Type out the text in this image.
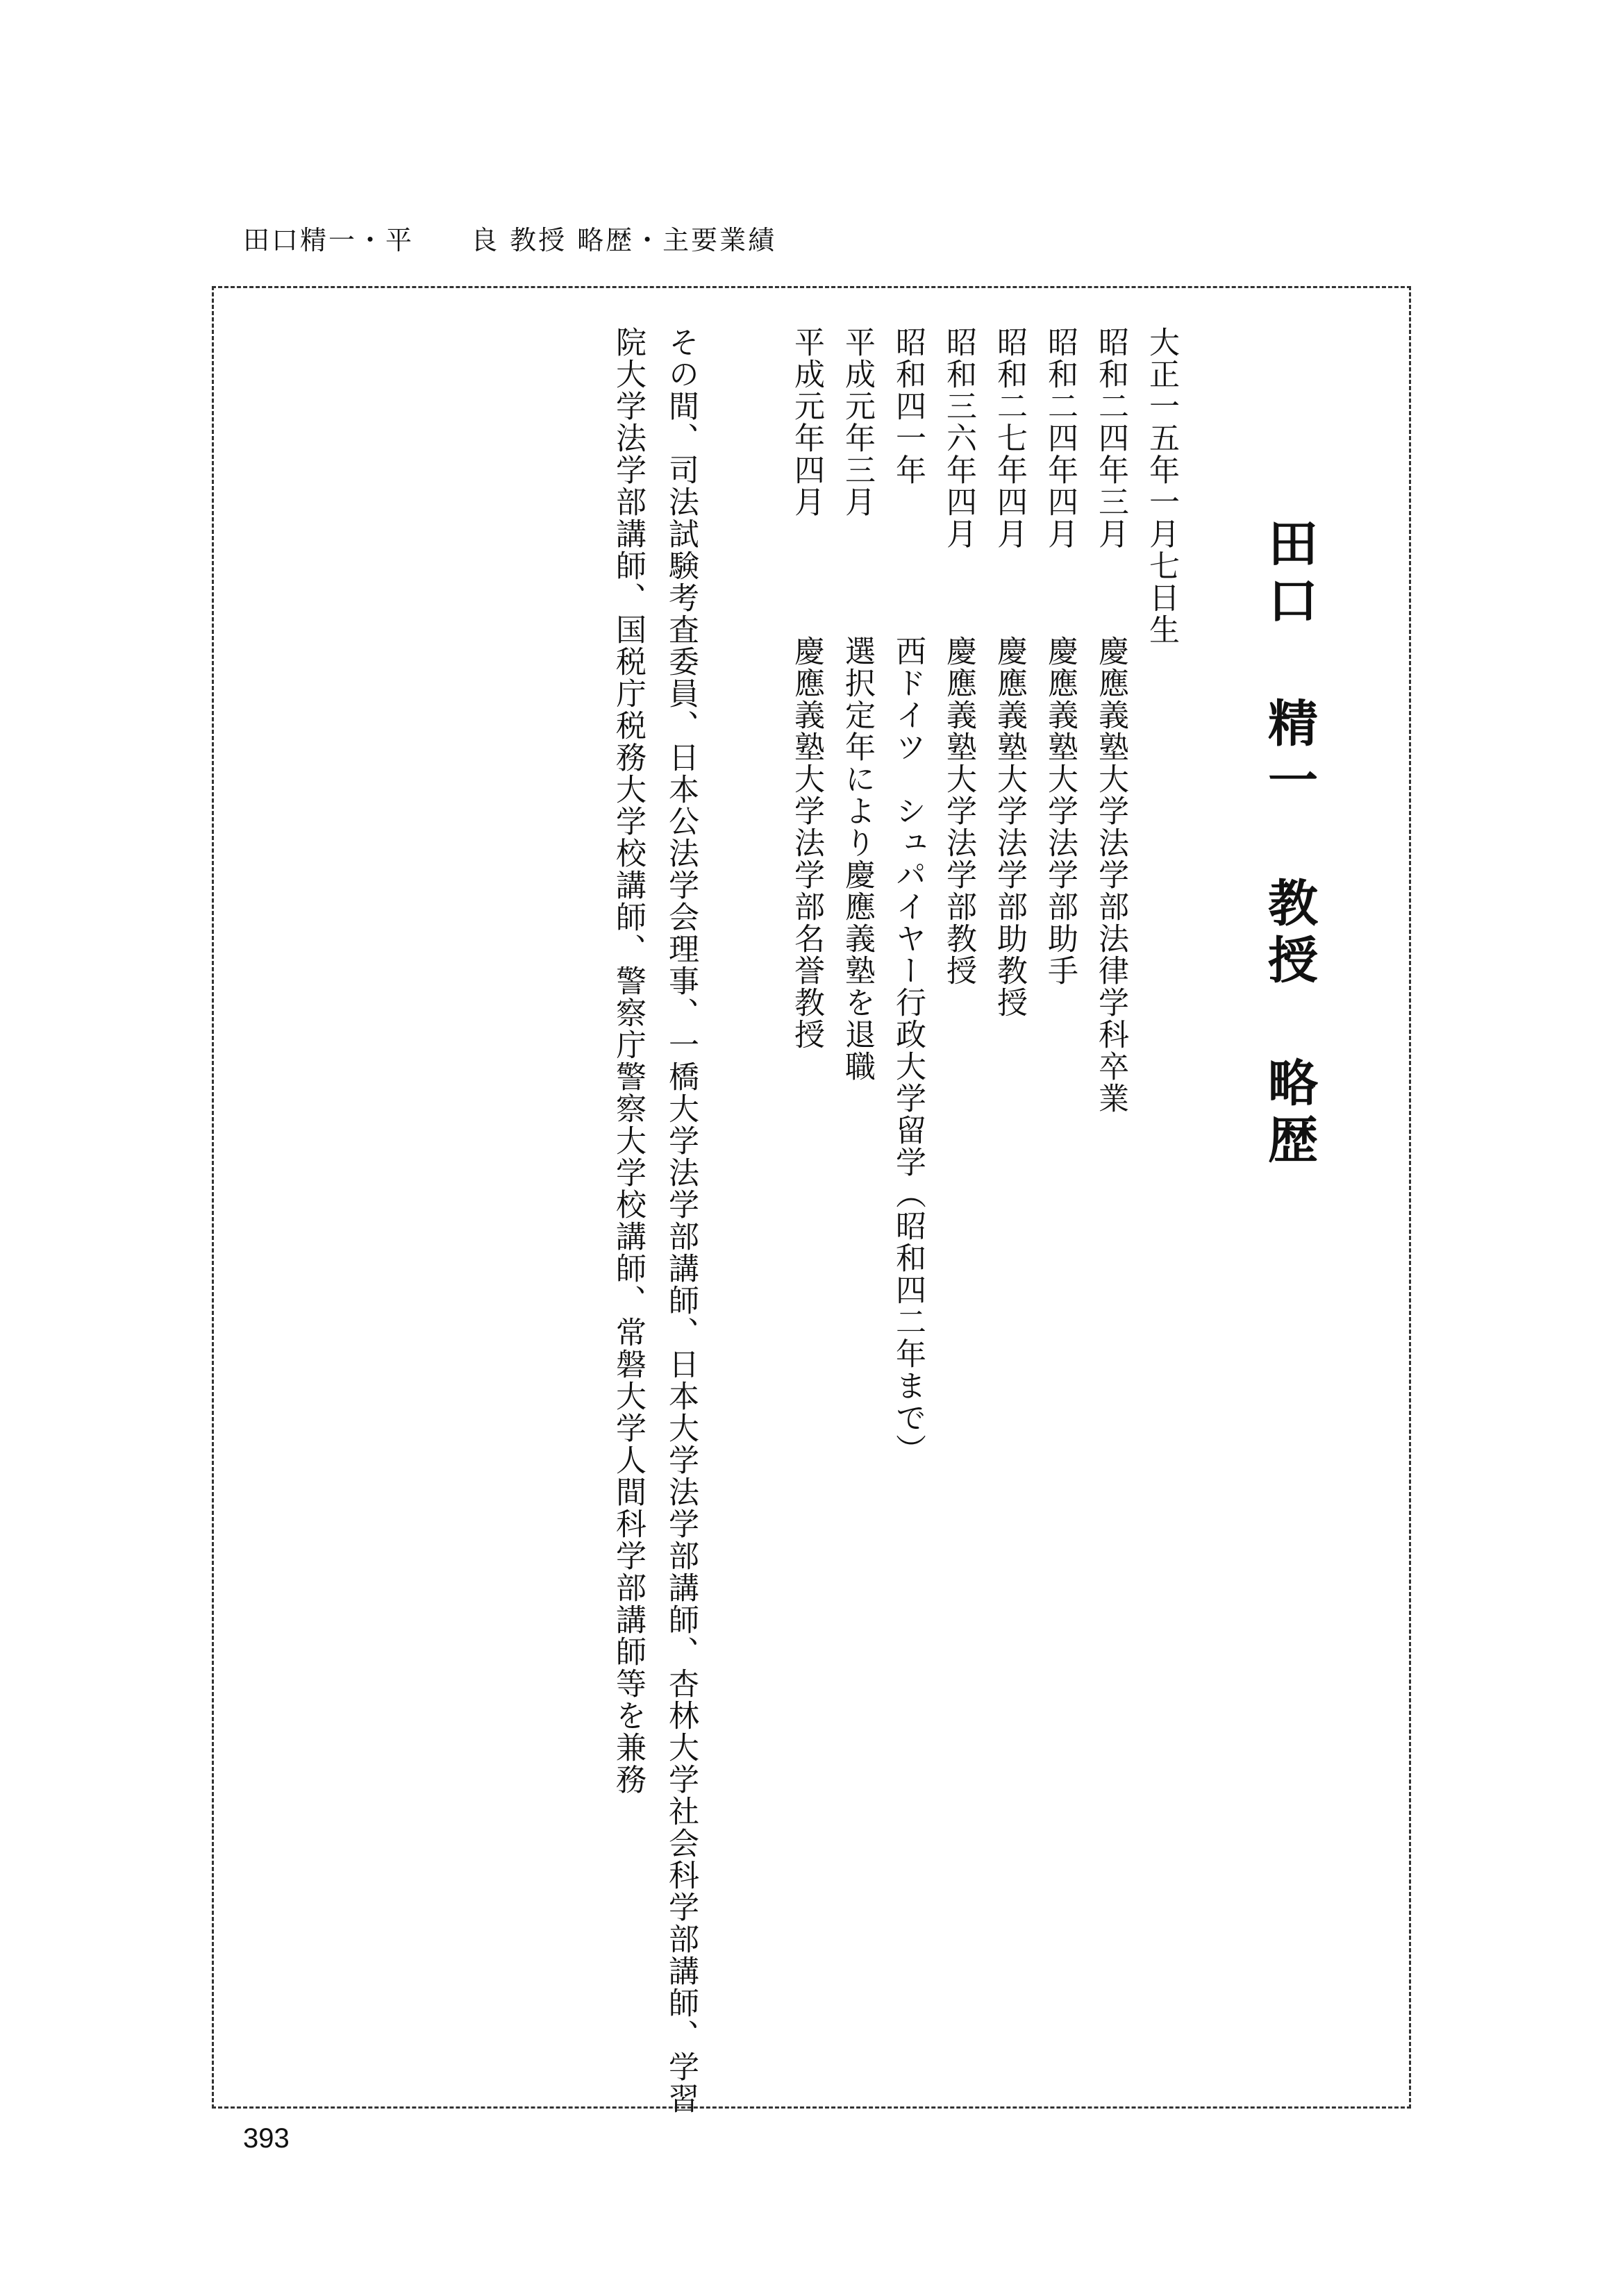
田口精一・平　　良 教授 略歴・主要業績
田口 精一 教授 略歴
大正一五年一月七日生
昭和二四年三月
昭和二四年四月
昭和二七年四月
昭和三六年四月
昭和四一年
平成元年三月
平成元年四月
慶應義塾大学法学部法律学科卒業
慶應義塾大学法学部助手
慶應義塾大学法学部助教授
慶應義塾大学法学部教授
西ドイツ　シュパイヤー行政大学留学（昭和四二年まで）
選択定年により慶應義塾を退職
慶應義塾大学法学部名誉教授
その間、司法試験考査委員、日本公法学会理事、一橋大学法学部講師、日本大学法学部講師、杏林大学社会科学部講師、学習
院大学法学部講師、国税庁税務大学校講師、警察庁警察大学校講師、常磐大学人間科学部講師等を兼務
393
